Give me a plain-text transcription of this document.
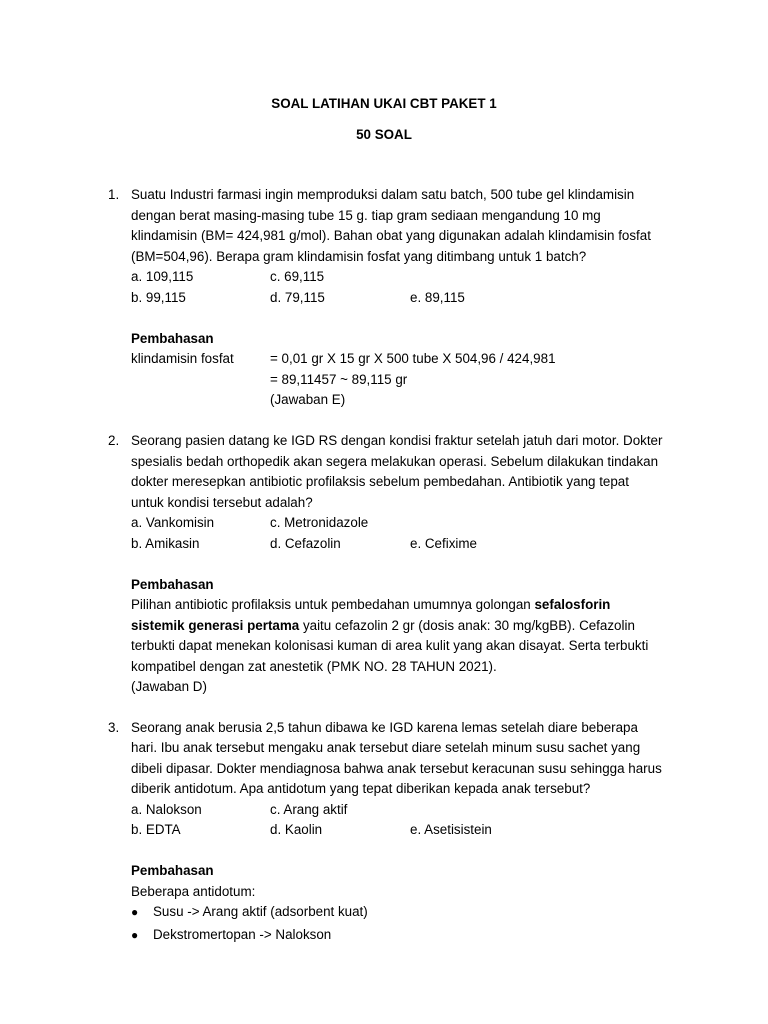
SOAL LATIHAN UKAI CBT PAKET 1
50 SOAL
1. Suatu Industri farmasi ingin memproduksi dalam satu batch, 500 tube gel klindamisin
dengan berat masing-masing tube 15 g. tiap gram sediaan mengandung 10 mg
klindamisin (BM= 424,981 g/mol). Bahan obat yang digunakan adalah klindamisin fosfat
(BM=504,96). Berapa gram klindamisin fosfat yang ditimbang untuk 1 batch?
a. 109,115	c. 69,115
b. 99,115	d. 79,115	e. 89,115
Pembahasan
klindamisin fosfat	= 0,01 gr X 15 gr X 500 tube X 504,96 / 424,981
= 89,11457 ~ 89,115 gr
(Jawaban E)
2. Seorang pasien datang ke IGD RS dengan kondisi fraktur setelah jatuh dari motor. Dokter
spesialis bedah orthopedik akan segera melakukan operasi. Sebelum dilakukan tindakan
dokter meresepkan antibiotic profilaksis sebelum pembedahan. Antibiotik yang tepat
untuk kondisi tersebut adalah?
a. Vankomisin	c. Metronidazole
b. Amikasin	d. Cefazolin	e. Cefixime
Pembahasan
Pilihan antibiotic profilaksis untuk pembedahan umumnya golongan sefalosforin
sistemik generasi pertama yaitu cefazolin 2 gr (dosis anak: 30 mg/kgBB). Cefazolin
terbukti dapat menekan kolonisasi kuman di area kulit yang akan disayat. Serta terbukti
kompatibel dengan zat anestetik (PMK NO. 28 TAHUN 2021).
(Jawaban D)
3. Seorang anak berusia 2,5 tahun dibawa ke IGD karena lemas setelah diare beberapa
hari. Ibu anak tersebut mengaku anak tersebut diare setelah minum susu sachet yang
dibeli dipasar. Dokter mendiagnosa bahwa anak tersebut keracunan susu sehingga harus
diberik antidotum. Apa antidotum yang tepat diberikan kepada anak tersebut?
a. Nalokson	c. Arang aktif
b. EDTA	d. Kaolin	e. Asetisistein
Pembahasan
Beberapa antidotum:
● Susu -> Arang aktif (adsorbent kuat)
● Dekstromertopan -> Nalokson
